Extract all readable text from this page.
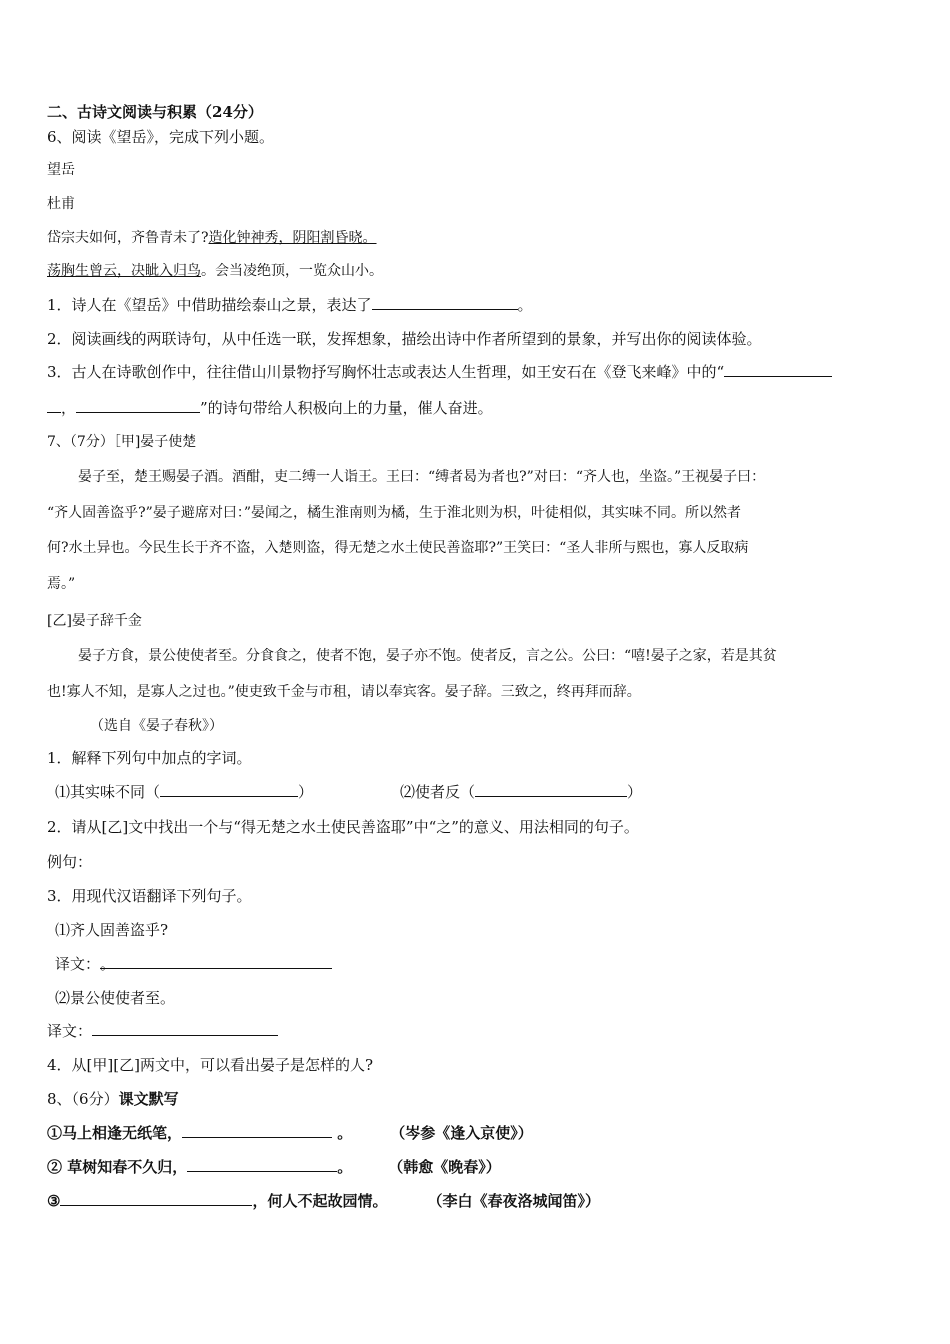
二、古诗文阅读与积累（24分）
6、阅读《望岳》，完成下列小题。
望岳
杜甫
岱宗夫如何，齐鲁青未了?造化钟神秀，阴阳割昏晓。
荡胸生曾云，决眦入归鸟。会当凌绝顶，一览众山小。
1．诗人在《望岳》中借助描绘泰山之景，表达了	。
2．阅读画线的两联诗句，从中任选一联，发挥想象，描绘出诗中作者所望到的景象，并写出你的阅读体验。
3．古人在诗歌创作中，往往借山川景物抒写胸怀壮志或表达人生哲理，如王安石在《登飞来峰》中的“
，	”的诗句带给人积极向上的力量，催人奋进。
7、（7分）［甲]晏子使楚
晏子至，楚王赐晏子酒。酒酣，吏二缚一人诣王。王曰：“缚者曷为者也?”对曰：“齐人也，坐盗。”王视晏子曰：
“齐人固善盗乎?”晏子避席对曰：”晏闻之，橘生淮南则为橘，生于淮北则为枳，叶徒相似，其实味不同。所以然者
何?水土异也。今民生长于齐不盗，入楚则盗，得无楚之水土使民善盗耶?”王笑曰：“圣人非所与熙也，寡人反取病
焉。”
[乙]晏子辞千金
晏子方食，景公使使者至。分食食之，使者不饱，晏子亦不饱。使者反，言之公。公曰：“嘻!晏子之家，若是其贫
也!寡人不知，是寡人之过也。”使吏致千金与市租，请以奉宾客。晏子辞。三致之，终再拜而辞。
（选自《晏子春秋》）
1．解释下列句中加点的字词。
⑴其实味不同（	）	⑵使者反（	）
2．请从[乙]文中找出一个与“得无楚之水土使民善盗耶”中“之”的意义、用法相同的句子。
例句：
3．用现代汉语翻译下列句子。
⑴齐人固善盗乎?
译文：。
⑵景公使使者至。
译文：
4．从[甲][乙]两文中，可以看出晏子是怎样的人?
8、（6分）课文默写
①马上相逢无纸笔，	。	（岑参《逢入京使》）
② 草树知春不久归，	。 （韩愈《晚春》）
③	，何人不起故园情。	（李白《春夜洛城闻笛》）
